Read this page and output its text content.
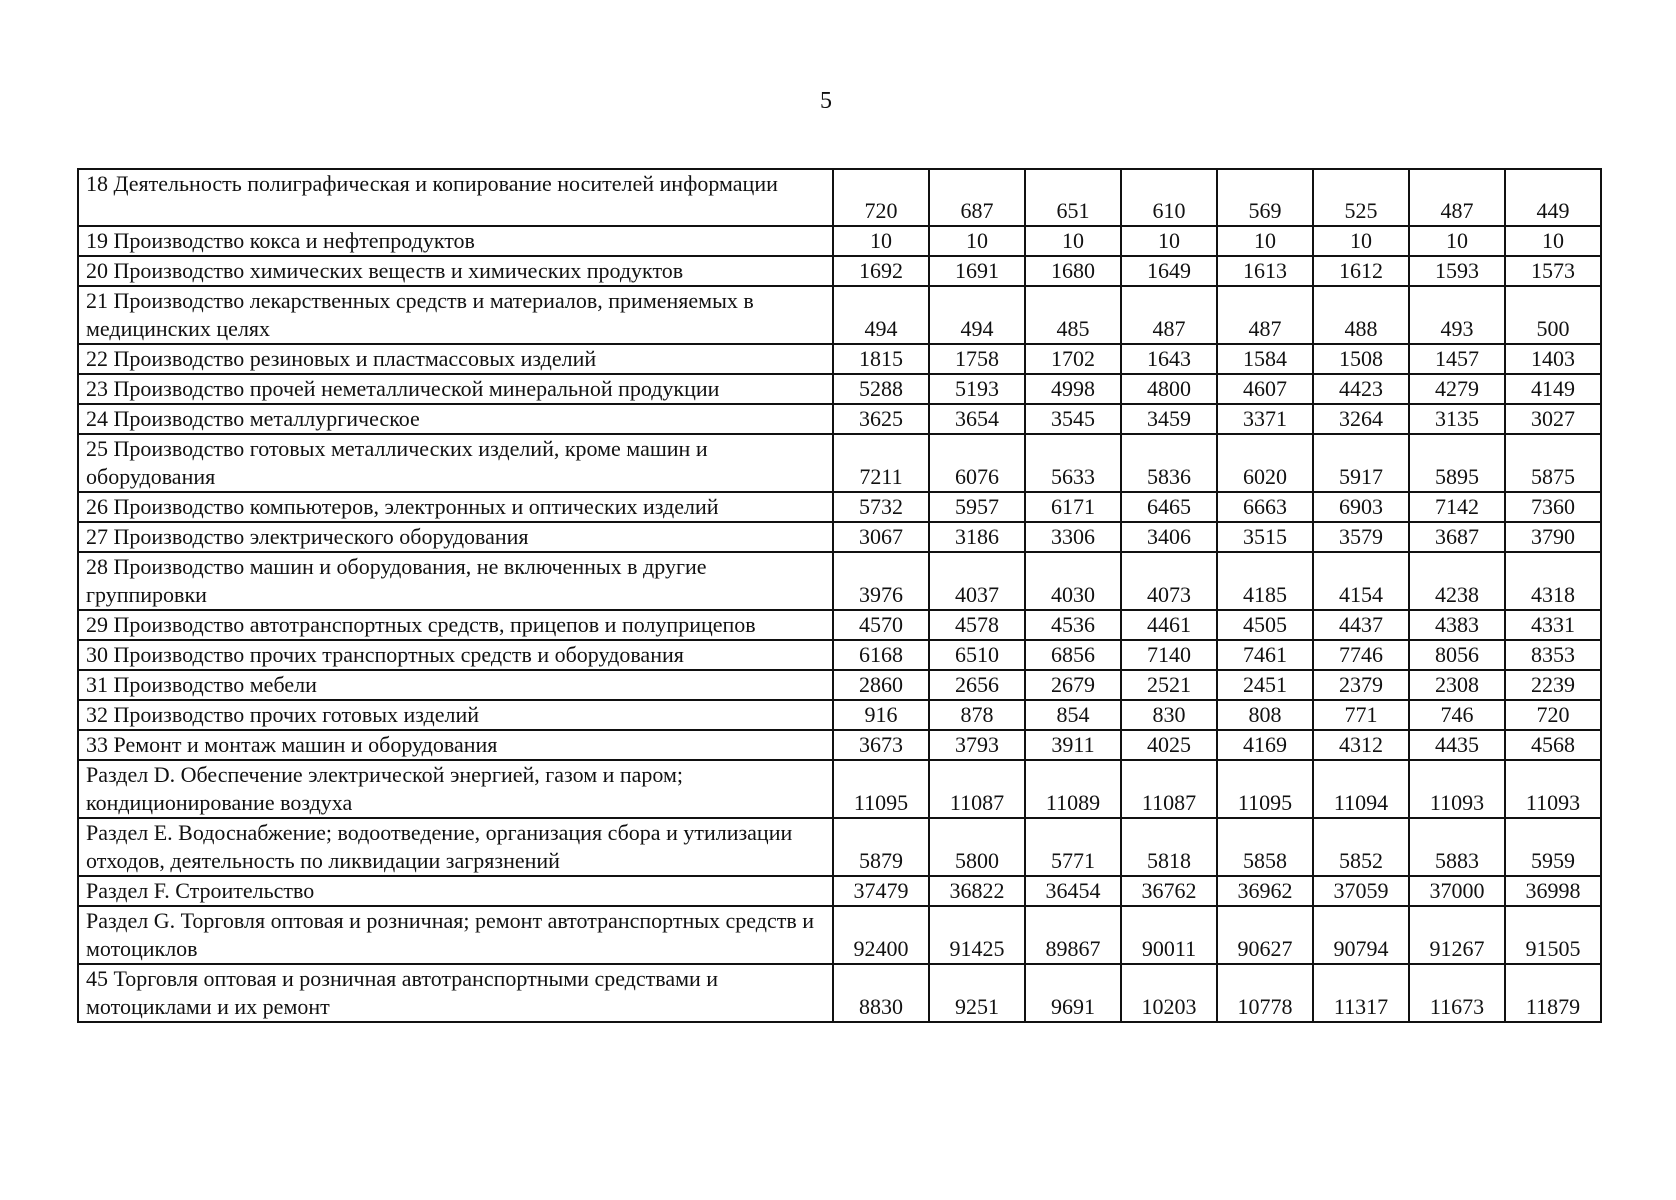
5
18 Деятельность полиграфическая и копирование носителей информации	720	687	651	610	569	525	487	449
19 Производство кокса и нефтепродуктов	10	10	10	10	10	10	10	10
20 Производство химических веществ и химических продуктов	1692	1691	1680	1649	1613	1612	1593	1573
21 Производство лекарственных средств и материалов, применяемых в медицинских целях	494	494	485	487	487	488	493	500
22 Производство резиновых и пластмассовых изделий	1815	1758	1702	1643	1584	1508	1457	1403
23 Производство прочей неметаллической минеральной продукции	5288	5193	4998	4800	4607	4423	4279	4149
24 Производство металлургическое	3625	3654	3545	3459	3371	3264	3135	3027
25 Производство готовых металлических изделий, кроме машин и оборудования	7211	6076	5633	5836	6020	5917	5895	5875
26 Производство компьютеров, электронных и оптических изделий	5732	5957	6171	6465	6663	6903	7142	7360
27 Производство электрического оборудования	3067	3186	3306	3406	3515	3579	3687	3790
28 Производство машин и оборудования, не включенных в другие группировки	3976	4037	4030	4073	4185	4154	4238	4318
29 Производство автотранспортных средств, прицепов и полуприцепов	4570	4578	4536	4461	4505	4437	4383	4331
30 Производство прочих транспортных средств и оборудования	6168	6510	6856	7140	7461	7746	8056	8353
31 Производство мебели	2860	2656	2679	2521	2451	2379	2308	2239
32 Производство прочих готовых изделий	916	878	854	830	808	771	746	720
33 Ремонт и монтаж машин и оборудования	3673	3793	3911	4025	4169	4312	4435	4568
Раздел D. Обеспечение электрической энергией, газом и паром; кондиционирование воздуха	11095	11087	11089	11087	11095	11094	11093	11093
Раздел E. Водоснабжение; водоотведение, организация сбора и утилизации отходов, деятельность по ликвидации загрязнений	5879	5800	5771	5818	5858	5852	5883	5959
Раздел F. Строительство	37479	36822	36454	36762	36962	37059	37000	36998
Раздел G. Торговля оптовая и розничная; ремонт автотранспортных средств и мотоциклов	92400	91425	89867	90011	90627	90794	91267	91505
45 Торговля оптовая и розничная автотранспортными средствами и мотоциклами и их ремонт	8830	9251	9691	10203	10778	11317	11673	11879
